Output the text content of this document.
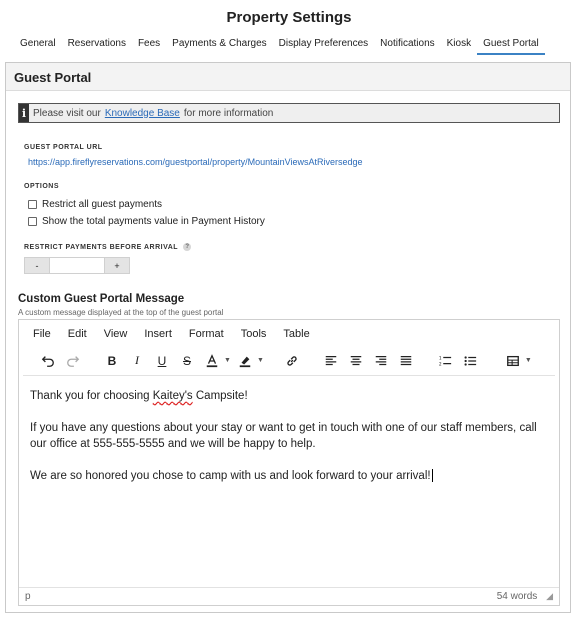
Property Settings
General	Reservations	Fees	Payments & Charges	Display Preferences	Notifications	Kiosk	Guest Portal
Guest Portal
i Please visit our Knowledge Base for more information
GUEST PORTAL URL
https://app.fireflyreservations.com/guestportal/property/MountainViewsAtRiversedge
OPTIONS
Restrict all guest payments
Show the total payments value in Payment History
RESTRICT PAYMENTS BEFORE ARRIVAL ?
-	+
Custom Guest Portal Message
A custom message displayed at the top of the guest portal
File Edit View Insert Format Tools Table
B	I	U	S	▼	▼	1
2
▼

Thank you for choosing Kaitey's Campsite!

If you have any questions about your stay or want to get in touch with one of our staff members, call our office at 555-555-5555 and we will be happy to help.

We are so honored you chose to camp with us and look forward to your arrival!

p	54 words ◢
